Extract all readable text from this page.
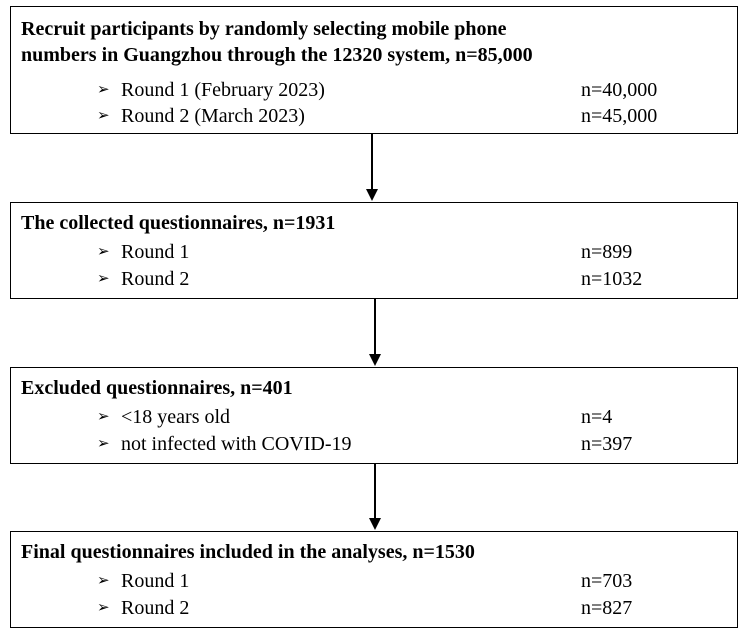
Recruit participants by randomly selecting mobile phone
numbers in Guangzhou through the 12320 system, n=85,000
➢ Round 1 (February 2023)	n=40,000
➢ Round 2 (March 2023)	n=45,000
The collected questionnaires, n=1931
➢ Round 1	n=899
➢ Round 2	n=1032
Excluded questionnaires, n=401
➢ <18 years old	n=4
➢ not infected with COVID-19	n=397
Final questionnaires included in the analyses, n=1530
➢ Round 1	n=703
➢ Round 2	n=827
